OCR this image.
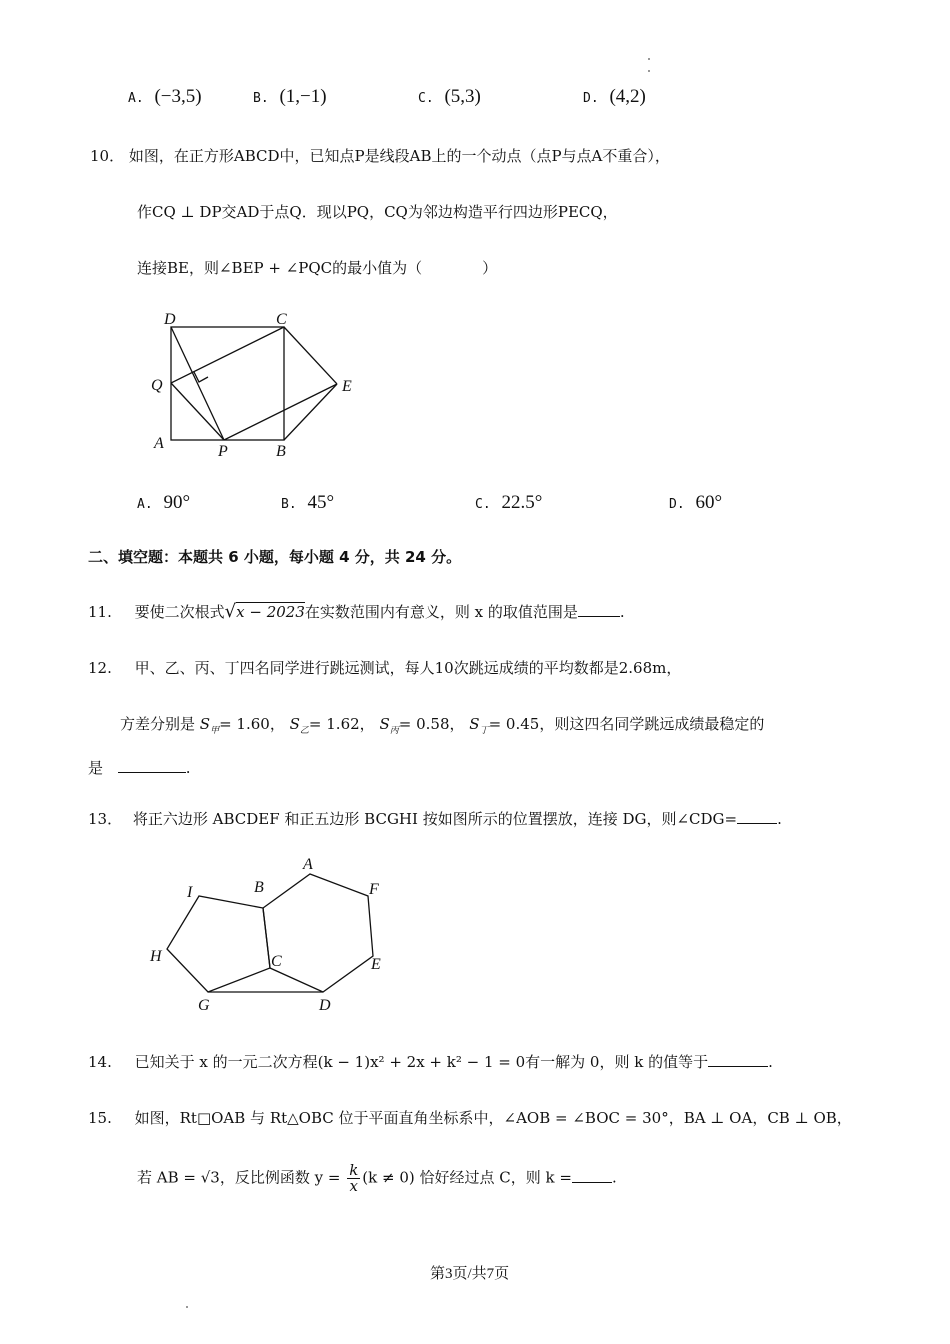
A. (−3,5)	B. (1,−1)	C. (5,3)	D. (4,2)
10． 如图，在正方形ABCD中，已知点P是线段AB上的一个动点（点P与点A不重合），
作CQ ⊥ DP交AD于点Q．现以PQ，CQ为邻边构造平行四边形PECQ，
连接BE，则∠BEP + ∠PQC的最小值为（　　　　）
D	C
Q	E
A	P	B
A. 90°	B. 45°	C. 22.5°	D. 60°
二、填空题：本题共 6 小题，每小题 4 分，共 24 分。
11. 要使二次根式√x − 2023在实数范围内有意义，则 x 的取值范围是	.
12. 甲、乙、丙、丁四名同学进行跳远测试，每人10次跳远成绩的平均数都是2.68m，
方差分别是 $S_甲= 1.60$， $S_乙= 1.62$， $S_丙= 0.58$， $S_丁= 0.45$，则这四名同学跳远成绩最稳定的
是	.
13． 将正六边形 ABCDEF 和正五边形 BCGHI 按如图所示的位置摆放，连接 DG，则∠CDG=	.
A
B
C
D
E
F
G
H
I
14. 已知关于 x 的一元二次方程(k − 1)x² + 2x + k² − 1 = 0有一解为 0，则 k 的值等于	.
15. 如图，Rt□OAB 与 Rt△OBC 位于平面直角坐标系中，∠AOB = ∠BOC = 30°，BA ⊥ OA，CB ⊥ OB，
若 AB = √3，反比例函数 $y = \frac{k}{x} (k \ne 0)$ 恰好经过点 C，则 k =	.
第3页/共7页
